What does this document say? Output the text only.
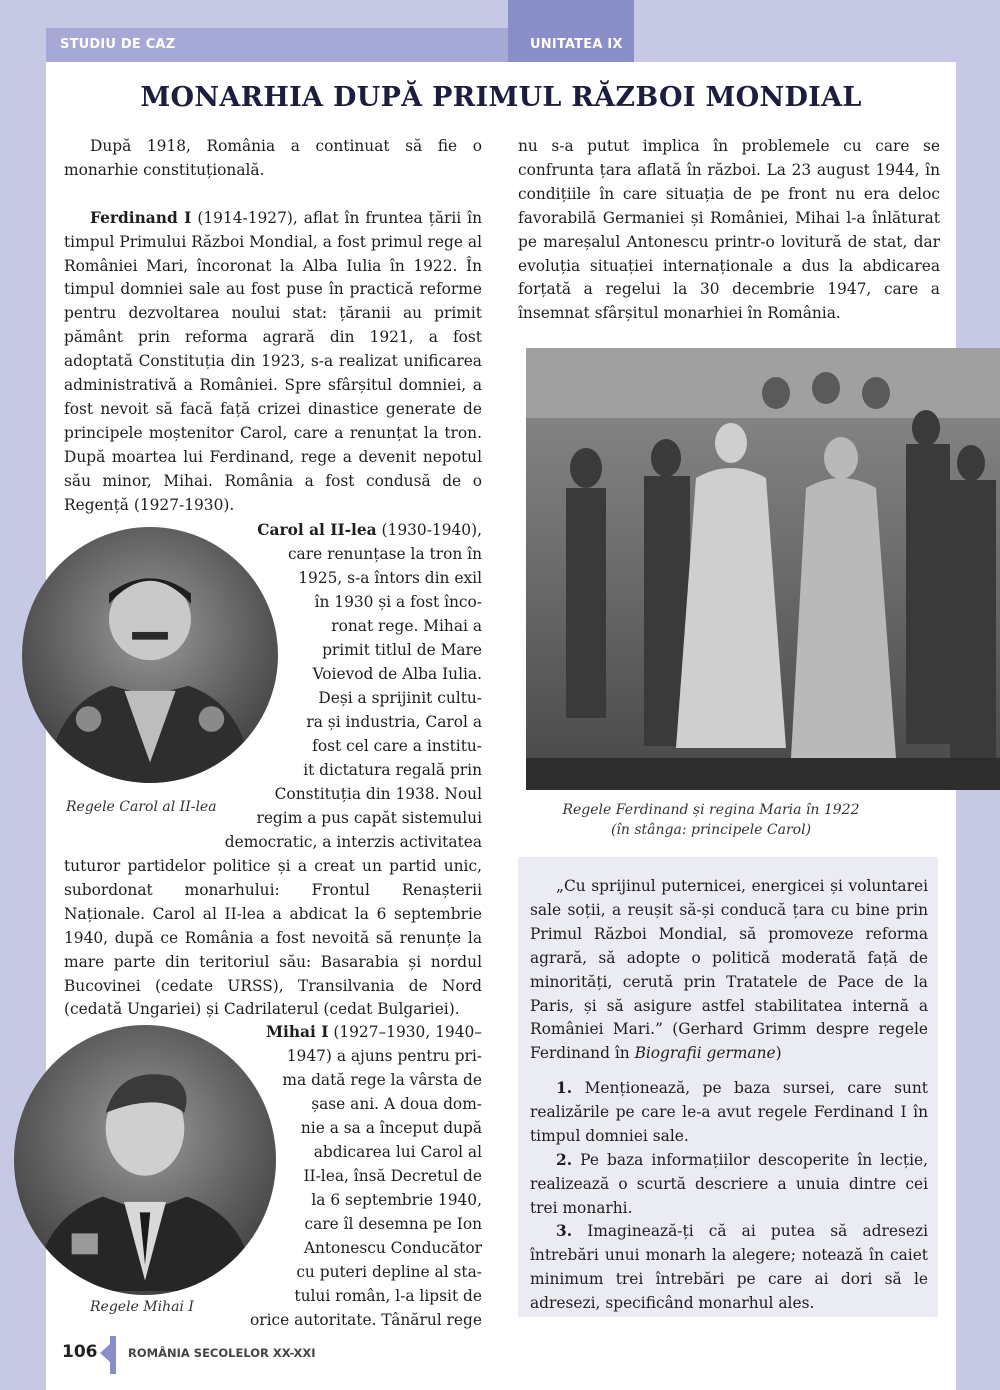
STUDIU DE CAZ	UNITATEA IX
MONARHIA DUPĂ PRIMUL RĂZBOI MONDIAL

După 1918, România a continuat să fie o monarhie constituțională.

Ferdinand I (1914-1927), aflat în fruntea țării în timpul Primului Război Mondial, a fost primul rege al României Mari, încoronat la Alba Iulia în 1922. În timpul domniei sale au fost puse în practică reforme pentru dezvoltarea noului stat: țăranii au primit pământ prin reforma agrară din 1921, a fost adoptată Constituția din 1923, s-a realizat unificarea administrativă a României. Spre sfârșitul domniei, a fost nevoit să facă față crizei dinastice generate de principele moștenitor Carol, care a renunțat la tron. După moartea lui Ferdinand, rege a devenit nepotul său minor, Mihai. România a fost condusă de o Regență (1927-1930).

Regele Carol al II-lea
Carol al II-lea (1930-1940),
care renunțase la tron în
1925, s-a întors din exil
în 1930 și a fost înco-
ronat rege. Mihai a
primit titlul de Mare
Voievod de Alba Iulia.
Deși a sprijinit cultu-
ra și industria, Carol a
fost cel care a institu-
it dictatura regală prin
Constituția din 1938. Noul
regim a pus capăt sistemului
democratic, a interzis activitatea
tuturor partidelor politice și a creat un partid unic, subordonat monarhului: Frontul Renașterii Naționale. Carol al II-lea a abdicat la 6 septembrie 1940, după ce România a fost nevoită să renunțe la mare parte din teritoriul său: Basarabia și nordul Bucovinei (cedate URSS), Transilvania de Nord (cedată Ungariei) și Cadrilaterul (cedat Bulgariei).
Regele Mihai I
Mihai I (1927–1930, 1940–
1947) a ajuns pentru pri-
ma dată rege la vârsta de
șase ani. A doua dom-
nie a sa a început după
abdicarea lui Carol al
II-lea, însă Decretul de
la 6 septembrie 1940,
care îl desemna pe Ion
Antonescu Conducător
cu puteri depline al sta-
tului român, l-a lipsit de
orice autoritate. Tânărul rege
nu s-a putut implica în problemele cu care se confrunta țara aflată în război. La 23 august 1944, în condițiile în care situația de pe front nu era deloc favorabilă Germaniei și României, Mihai l-a înlăturat pe mareșalul Antonescu printr-o lovitură de stat, dar evoluția situației internaționale a dus la abdicarea forțată a regelui la 30 decembrie 1947, care a însemnat sfârșitul monarhiei în România.
Regele Ferdinand și regina Maria în 1922
(în stânga: principele Carol)

„Cu sprijinul puternicei, energicei și voluntarei sale soții, a reușit să-și conducă țara cu bine prin Primul Război Mondial, să promoveze reforma agrară, să adopte o politică moderată față de minorități, cerută prin Tratatele de Pace de la Paris, și să asigure astfel stabilitatea internă a României Mari.” (Gerhard Grimm despre regele Ferdinand în Biografii germane)

1. Menționează, pe baza sursei, care sunt realizările pe care le-a avut regele Ferdinand I în timpul domniei sale.

2. Pe baza informațiilor descoperite în lecție, realizează o scurtă descriere a unuia dintre cei trei monarhi.

3. Imaginează-ți că ai putea să adresezi întrebări unui monarh la alegere; notează în caiet minimum trei întrebări pe care ai dori să le adresezi, specificând monarhul ales.

106	ROMÂNIA SECOLELOR XX-XXI
